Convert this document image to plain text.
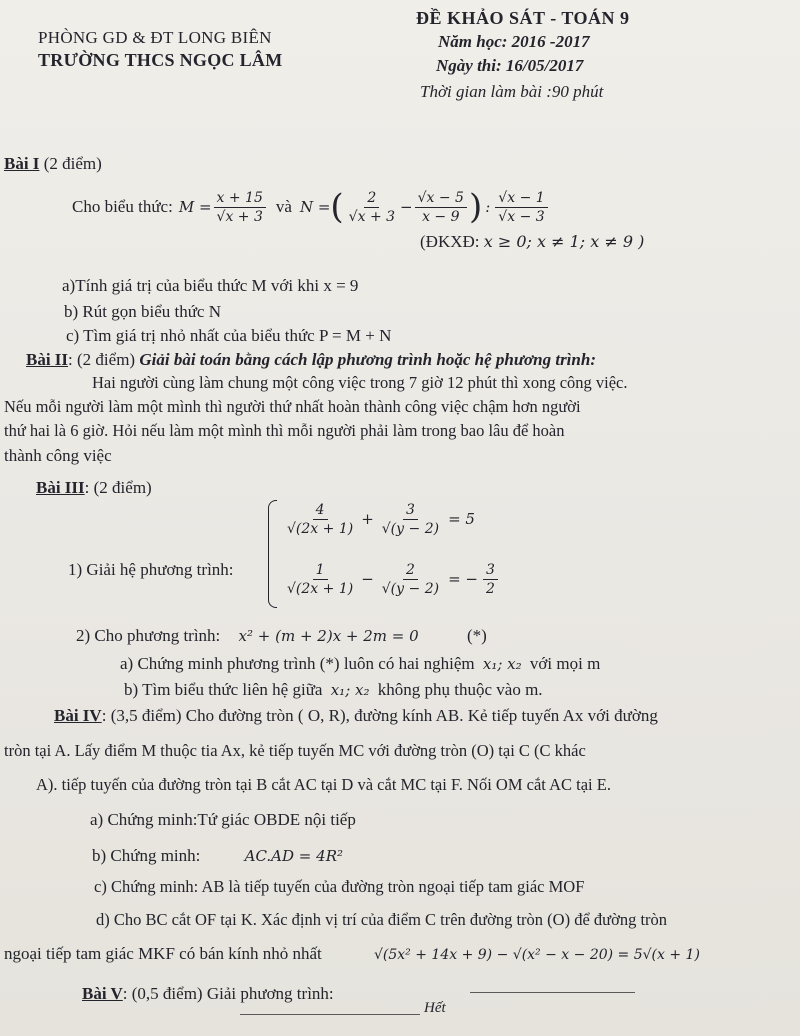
PHÒNG GD & ĐT LONG BIÊN
TRƯỜNG THCS NGỌC LÂM
ĐỀ KHẢO SÁT - TOÁN 9
Năm học: 2016 -2017
Ngày thi: 16/05/2017
Thời gian làm bài :90 phút
Bài I (2 điểm)
Cho biểu thức: $M = \frac{x + 15}{√x + 3}$ và N = ( $\frac{2}{√x + 3} - \frac{√x - 5}{x - 9}$ ) : $\frac{√x - 1}{√x - 3}$
(ĐKXĐ: x ≥ 0; x ≠ 1; x ≠ 9 )
a)Tính giá trị của biểu thức M với khi x = 9
b) Rút gọn biểu thức N
c) Tìm giá trị nhỏ nhất của biểu thức P = M + N
Bài II: (2 điểm) Giải bài toán bằng cách lập phương trình hoặc hệ phương trình:
Hai người cùng làm chung một công việc trong 7 giờ 12 phút thì xong công việc.
Nếu mỗi người làm một mình thì người thứ nhất hoàn thành công việc chậm hơn người
thứ hai là 6 giờ. Hỏi nếu làm một mình thì mỗi người phải làm trong bao lâu để hoàn
thành công việc
Bài III: (2 điểm)
1) Giải hệ phương trình:
$\frac{4}{√(2x + 1)} + \frac{3}{√(y - 2)} = 5$
$\frac{1}{√(2x + 1)} - \frac{2}{√(y - 2)}$ = − $\frac{3}{2}$
2) Cho phương trình: x² + (m + 2)x + 2m = 0	(*)
a) Chứng minh phương trình (*) luôn có hai nghiệm x₁; x₂ với mọi m
b) Tìm biểu thức liên hệ giữa x₁; x₂ không phụ thuộc vào m.
Bài IV: (3,5 điểm) Cho đường tròn ( O, R), đường kính AB. Kẻ tiếp tuyến Ax với đường
tròn tại A. Lấy điểm M thuộc tia Ax, kẻ tiếp tuyến MC với đường tròn (O) tại C (C khác
A). tiếp tuyến của đường tròn tại B cắt AC tại D và cắt MC tại F. Nối OM cắt AC tại E.
a) Chứng minh:Tứ giác OBDE nội tiếp
b) Chứng minh:	AC.AD = 4R²
c) Chứng minh: AB là tiếp tuyến của đường tròn ngoại tiếp tam giác MOF
d) Cho BC cắt OF tại K. Xác định vị trí của điểm C trên đường tròn (O) để đường tròn
ngoại tiếp tam giác MKF có bán kính nhỏ nhất	√(5x² + 14x + 9) − √(x² − x − 20) = 5√(x + 1)
Bài V: (0,5 điểm) Giải phương trình:
Hết
